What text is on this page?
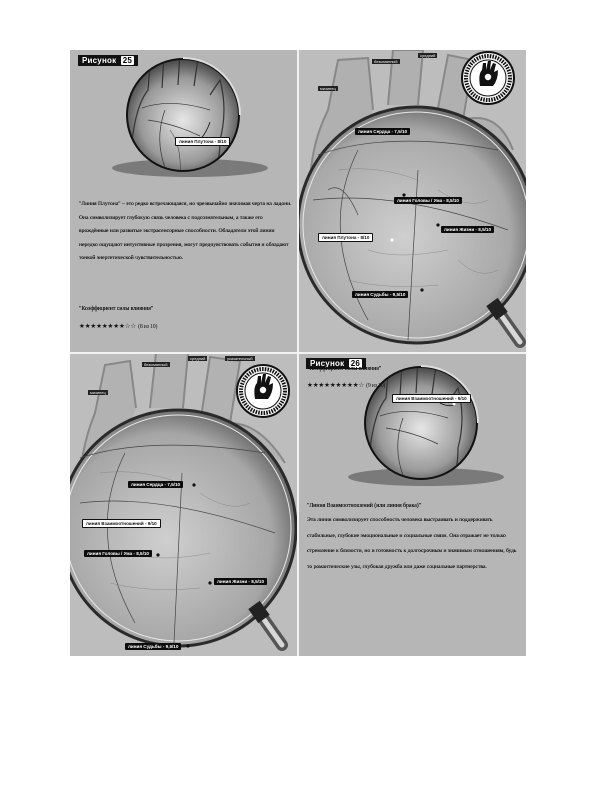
Рисунок 25
линия Плутона - 8/10
"Линия Плутона" – это редко встречающаяся, но чрезвычайно значимая черта на ладони. Она символизирует глубокую связь человека с подсознательным, а также его врождённые или развитые экстрасенсорные способности. Обладатели этой линии нередко ощущают интуитивные прозрения, могут предчувствовать события и обладают тонкой энергетической чувствительностью.
"Коэффициент силы влияния"
★★★★★★★★☆☆ (8 из 10)
средний
безымянный
мизинец
линия Сердца - 7,5/10
линия Головы / Ума - 8,5/10
линия Жизни - 8,5/10
линия Плутона - 8/10
линия Судьбы - 9,5/10
средний	указательный
безымянный
мизинец
линия Сердца - 7,5/10
линия Взаимоотношений - 9/10
линия Головы / Ума - 8,5/10
линия Жизни - 8,5/10
линия Судьбы - 9,5/10
Рисунок 26
линия Взаимоотношений - 9/10
"Линия Взаимоотношений (или линия брака)"
Эта линия символизирует способность человека выстраивать и поддерживать стабильные, глубокие эмоциональные и социальные связи. Она отражает не только стремление к близости, но и готовность к долгосрочным и значимым отношениям, будь то романтические узы, глубокая дружба или даже социальные партнерства.
"Коэффициент силы влияния"
★★★★★★★★★☆ (9 из 10)
